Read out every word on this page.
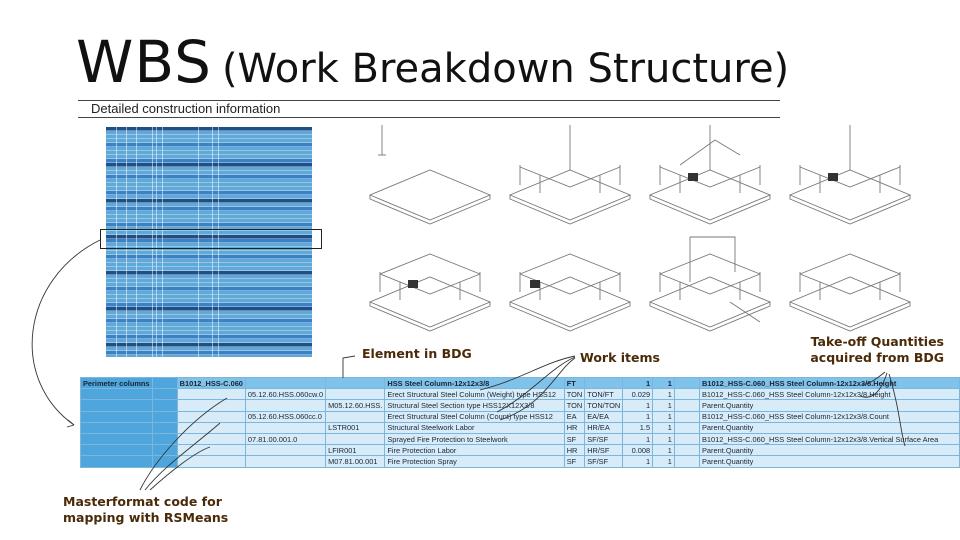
WBS (Work Breakdown Structure)
Detailed construction information
Element in BDG	Work items
Take-off Quantities
acquired from BDG
Masterformat code for
mapping with RSMeans
Perimeter columns		B1012_HSS-C.060			HSS Steel Column-12x12x3/8	FT		1	1		B1012_HSS-C.060_HSS Steel Column-12x12x3/8.Height
			05.12.60.HSS.060cw.0		Erect Structural Steel Column (Weight) type HSS12	TON	TON/FT	0.029	1		B1012_HSS-C.060_HSS Steel Column-12x12x3/8.Height
				M05.12.60.HSS.	Structural Steel Section type HSS12X12X3/8	TON	TON/TON	1	1		Parent.Quantity
			05.12.60.HSS.060cc.0		Erect Structural Steel Column (Count) type HSS12	EA	EA/EA	1	1		B1012_HSS-C.060_HSS Steel Column-12x12x3/8.Count
				LSTR001	Structural Steelwork Labor	HR	HR/EA	1.5	1		Parent.Quantity
			07.81.00.001.0		Sprayed Fire Protection to Steelwork	SF	SF/SF	1	1		B1012_HSS-C.060_HSS Steel Column-12x12x3/8.Vertical Surface Area
				LFIR001	Fire Protection Labor	HR	HR/SF	0.008	1		Parent.Quantity
				M07.81.00.001	Fire Protection Spray	SF	SF/SF	1	1		Parent.Quantity
